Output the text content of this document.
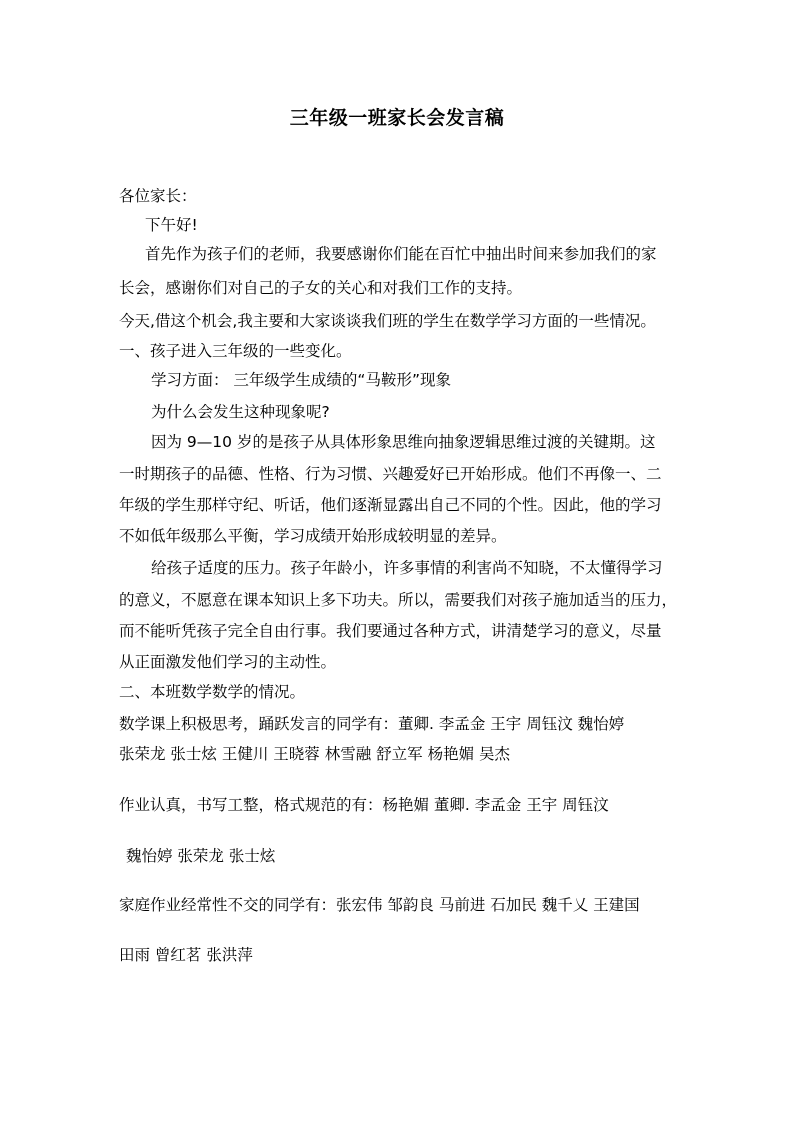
三年级一班家长会发言稿
各位家长：
下午好!
首先作为孩子们的老师，我要感谢你们能在百忙中抽出时间来参加我们的家
长会，感谢你们对自己的子女的关心和对我们工作的支持。
今天,借这个机会,我主要和大家谈谈我们班的学生在数学学习方面的一些情况。
一、孩子进入三年级的一些变化。
学习方面： 三年级学生成绩的“马鞍形”现象
为什么会发生这种现象呢?
因为 9—10 岁的是孩子从具体形象思维向抽象逻辑思维过渡的关键期。这
一时期孩子的品德、性格、行为习惯、兴趣爱好已开始形成。他们不再像一、二
年级的学生那样守纪、听话，他们逐渐显露出自己不同的个性。因此，他的学习
不如低年级那么平衡，学习成绩开始形成较明显的差异。
给孩子适度的压力。孩子年龄小，许多事情的利害尚不知晓，不太懂得学习
的意义，不愿意在课本知识上多下功夫。所以，需要我们对孩子施加适当的压力，
而不能听凭孩子完全自由行事。我们要通过各种方式，讲清楚学习的意义，尽量
从正面激发他们学习的主动性。
二、本班数学数学的情况。
数学课上积极思考，踊跃发言的同学有：董卿. 李孟金 王宇 周钰汶 魏怡婷
张荣龙 张士炫 王健川 王晓蓉 林雪融 舒立军 杨艳媚 吴杰
作业认真，书写工整，格式规范的有：杨艳媚 董卿. 李孟金 王宇 周钰汶
魏怡婷 张荣龙 张士炫
家庭作业经常性不交的同学有：张宏伟 邹韵良 马前进 石加民 魏千乂 王建国
田雨 曾红茗 张洪萍
